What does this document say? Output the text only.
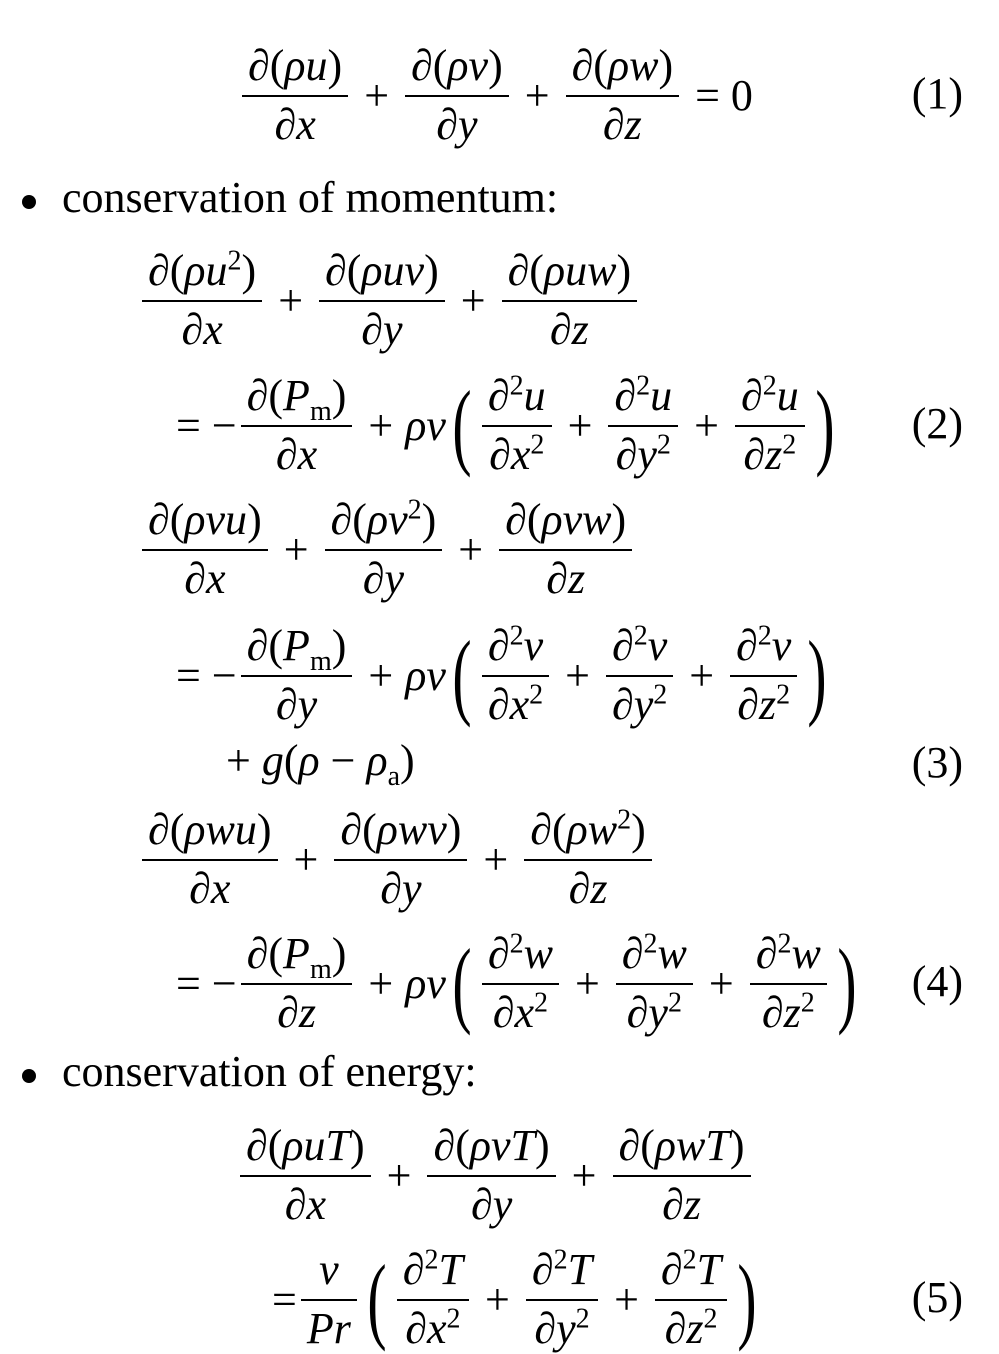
$\frac{\partial(\rho u)}{\partial x} + \frac{\partial(\rho v)}{\partial y} + \frac{\partial(\rho w)}{\partial z} = 0$	(1)
conservation of momentum:
$\frac{\partial(\rho u^2)}{\partial x} + \frac{\text{∂(ρuv)}}{\partial y} + \frac{\text{∂(ρuw)}}{\partial z}$
= − $\frac{\partial(P_m)}{\partial x} + \rho\nu$ ( $\frac{\partial^2u}{\partial x^2} + \frac{\partial^2u}{\partial y^2} + \frac{\partial^2u}{\partial z^2}$ ) (2)
$\frac{\text{∂(ρvu)}}{\partial x} + \frac{\partial(\rho v^2)}{\partial y} + \frac{\text{∂(ρvw)}}{\partial z}$
= − $\frac{\partial(P_m)}{\partial y} + \rho\nu$ ( $\frac{\partial^2v}{\partial x^2} + \frac{\partial^2v}{\partial y^2} + \frac{\partial^2v}{\partial z^2}$ )
+ $g(\rho - \rho_a)$	(3)
$\frac{\text{∂(ρwu)}}{\partial x} + \frac{\text{∂(ρwv)}}{\partial y} + \frac{\partial(\rho w^2)}{\partial z}$
= − $\frac{\partial(P_m)}{\partial z} + \rho\nu$ ( $\frac{\partial^2w}{\partial x^2} + \frac{\partial^2w}{\partial y^2} + \frac{\partial^2w}{\partial z^2}$ ) (4)
conservation of energy:
$\frac{\text{∂(ρuT)}}{\partial x} + \frac{\text{∂(ρvT)}}{\partial y} + \frac{\text{∂(ρwT)}}{\partial z}$
= $\frac{\nu}{Pr}$ ( $\frac{\partial^2T}{\partial x^2} + \frac{\partial^2T}{\partial y^2} + \frac{\partial^2T}{\partial z^2}$ )	(5)
